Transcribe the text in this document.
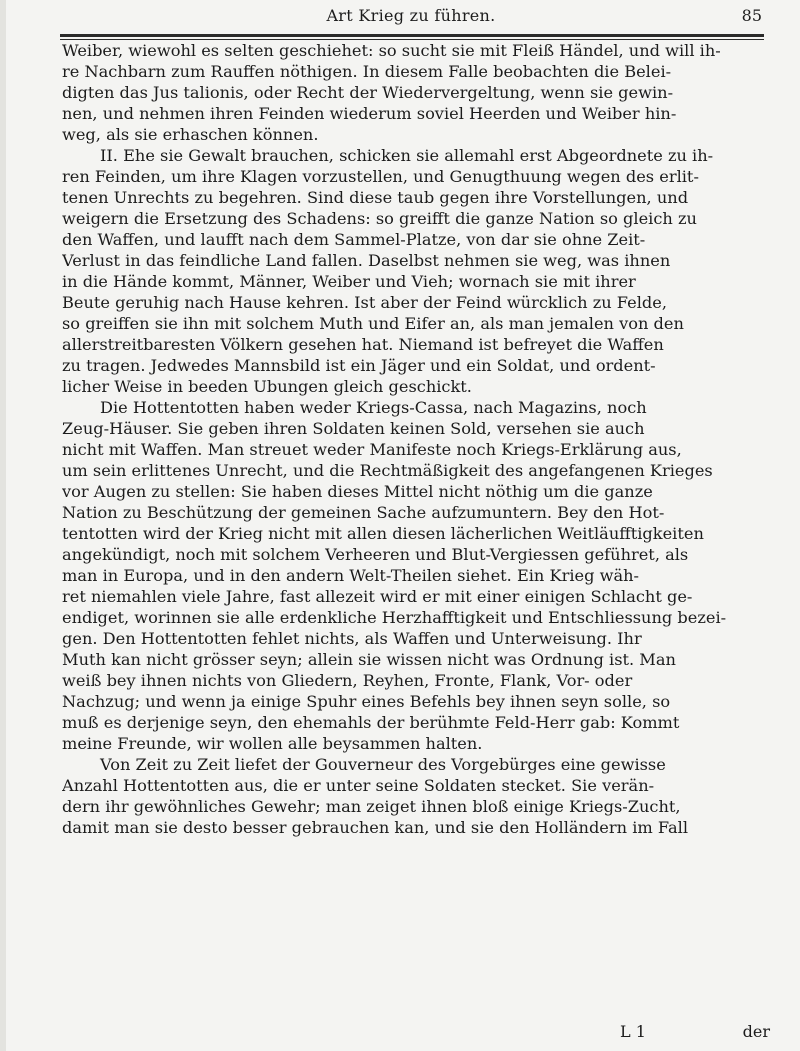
Art Krieg zu führen.	85
Weiber, wiewohl es selten geschiehet: so sucht sie mit Fleiß Händel, und will ih-
re Nachbarn zum Rauffen nöthigen. In diesem Falle beobachten die Belei-
digten das Jus talionis, oder Recht der Wiedervergeltung, wenn sie gewin-
nen, und nehmen ihren Feinden wiederum soviel Heerden und Weiber hin-
weg, als sie erhaschen können.
II. Ehe sie Gewalt brauchen, schicken sie allemahl erst Abgeordnete zu ih-
ren Feinden, um ihre Klagen vorzustellen, und Genugthuung wegen des erlit-
tenen Unrechts zu begehren. Sind diese taub gegen ihre Vorstellungen, und
weigern die Ersetzung des Schadens: so greifft die ganze Nation so gleich zu
den Waffen, und laufft nach dem Sammel-Platze, von dar sie ohne Zeit-
Verlust in das feindliche Land fallen. Daselbst nehmen sie weg, was ihnen
in die Hände kommt, Männer, Weiber und Vieh; wornach sie mit ihrer
Beute geruhig nach Hause kehren. Ist aber der Feind würcklich zu Felde,
so greiffen sie ihn mit solchem Muth und Eifer an, als man jemalen von den
allerstreitbaresten Völkern gesehen hat. Niemand ist befreyet die Waffen
zu tragen. Jedwedes Mannsbild ist ein Jäger und ein Soldat, und ordent-
licher Weise in beeden Ubungen gleich geschickt.
Die Hottentotten haben weder Kriegs-Cassa, nach Magazins, noch
Zeug-Häuser. Sie geben ihren Soldaten keinen Sold, versehen sie auch
nicht mit Waffen. Man streuet weder Manifeste noch Kriegs-Erklärung aus,
um sein erlittenes Unrecht, und die Rechtmäßigkeit des angefangenen Krieges
vor Augen zu stellen: Sie haben dieses Mittel nicht nöthig um die ganze
Nation zu Beschützung der gemeinen Sache aufzumuntern. Bey den Hot-
tentotten wird der Krieg nicht mit allen diesen lächerlichen Weitläufftigkeiten
angekündigt, noch mit solchem Verheeren und Blut-Vergiessen geführet, als
man in Europa, und in den andern Welt-Theilen siehet. Ein Krieg wäh-
ret niemahlen viele Jahre, fast allezeit wird er mit einer einigen Schlacht ge-
endiget, worinnen sie alle erdenkliche Herzhafftigkeit und Entschliessung bezei-
gen. Den Hottentotten fehlet nichts, als Waffen und Unterweisung. Ihr
Muth kan nicht grösser seyn; allein sie wissen nicht was Ordnung ist. Man
weiß bey ihnen nichts von Gliedern, Reyhen, Fronte, Flank, Vor- oder
Nachzug; und wenn ja einige Spuhr eines Befehls bey ihnen seyn solle, so
muß es derjenige seyn, den ehemahls der berühmte Feld-Herr gab: Kommt
meine Freunde, wir wollen alle beysammen halten.
Von Zeit zu Zeit liefet der Gouverneur des Vorgebürges eine gewisse
Anzahl Hottentotten aus, die er unter seine Soldaten stecket. Sie verän-
dern ihr gewöhnliches Gewehr; man zeiget ihnen bloß einige Kriegs-Zucht,
damit man sie desto besser gebrauchen kan, und sie den Holländern im Fall
L 1	der
